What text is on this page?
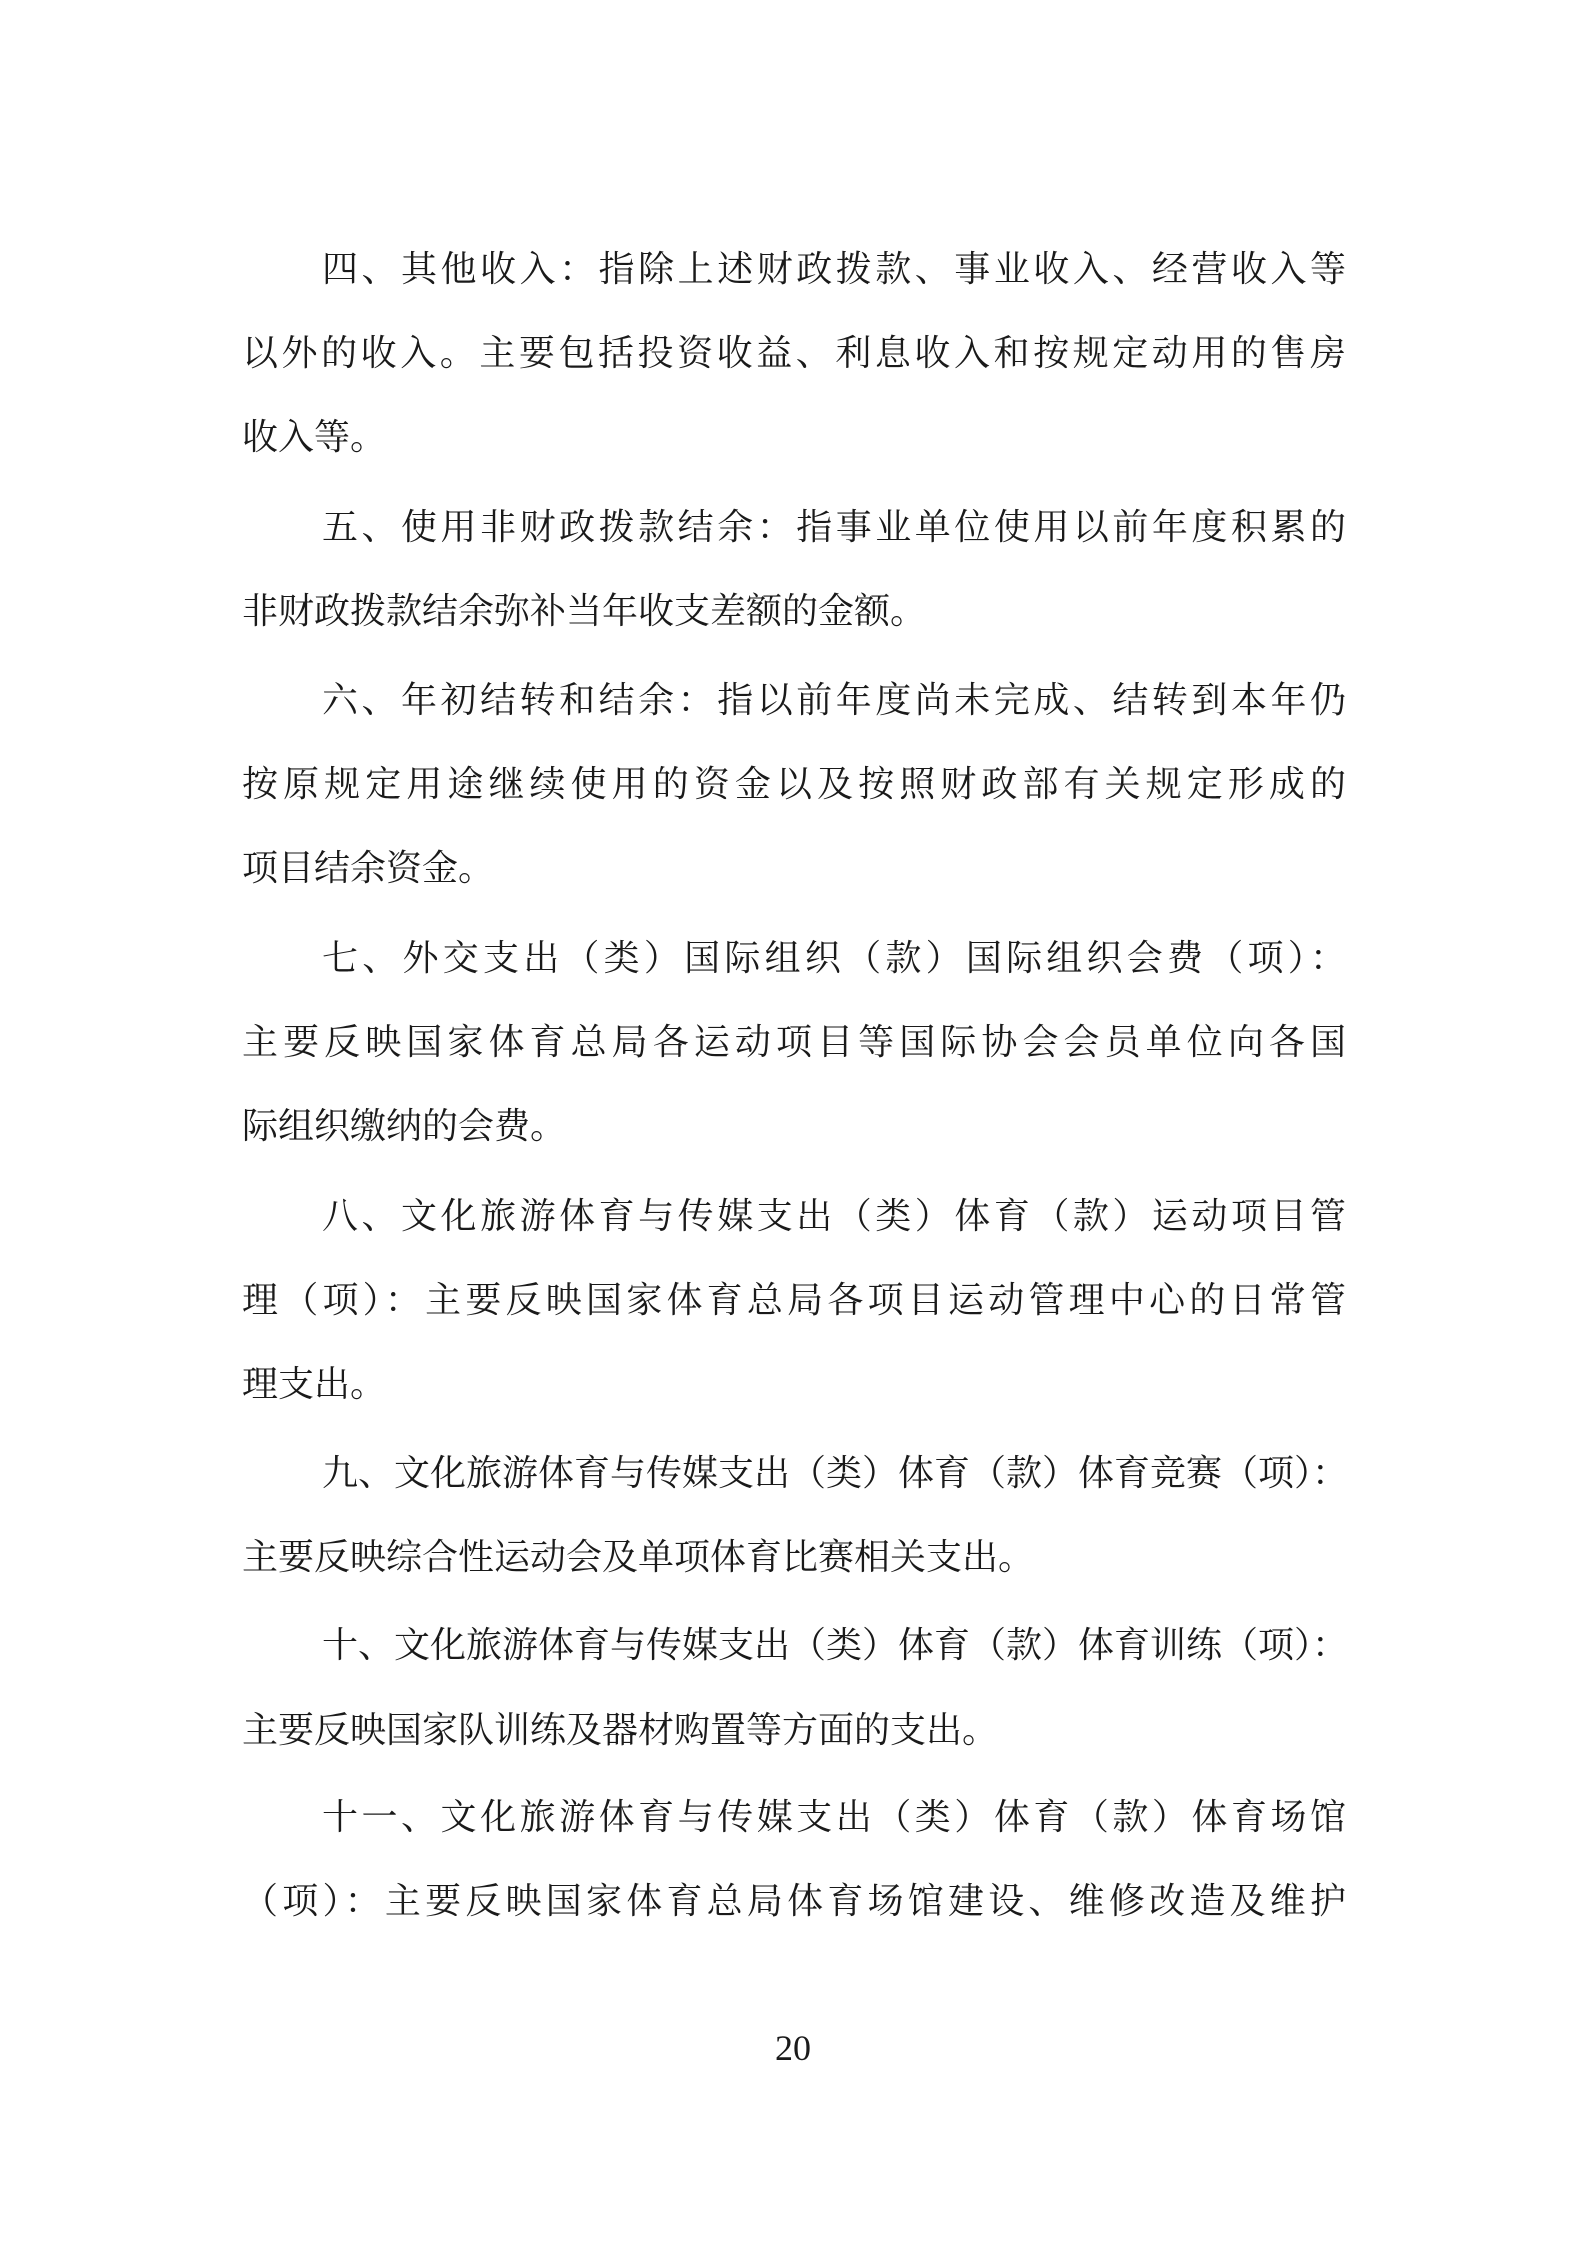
四、其他收入：指除上述财政拨款、事业收入、经营收入等
以外的收入。主要包括投资收益、利息收入和按规定动用的售房
收入等。
五、使用非财政拨款结余：指事业单位使用以前年度积累的
非财政拨款结余弥补当年收支差额的金额。
六、年初结转和结余：指以前年度尚未完成、结转到本年仍
按原规定用途继续使用的资金以及按照财政部有关规定形成的
项目结余资金。
七、外交支出（类）国际组织（款）国际组织会费（项）：
主要反映国家体育总局各运动项目等国际协会会员单位向各国
际组织缴纳的会费。
八、文化旅游体育与传媒支出（类）体育（款）运动项目管
理（项）：主要反映国家体育总局各项目运动管理中心的日常管
理支出。
九、文化旅游体育与传媒支出（类）体育（款）体育竞赛（项）：
主要反映综合性运动会及单项体育比赛相关支出。
十、文化旅游体育与传媒支出（类）体育（款）体育训练（项）：
主要反映国家队训练及器材购置等方面的支出。
十一、文化旅游体育与传媒支出（类）体育（款）体育场馆
（项）：主要反映国家体育总局体育场馆建设、维修改造及维护
20
